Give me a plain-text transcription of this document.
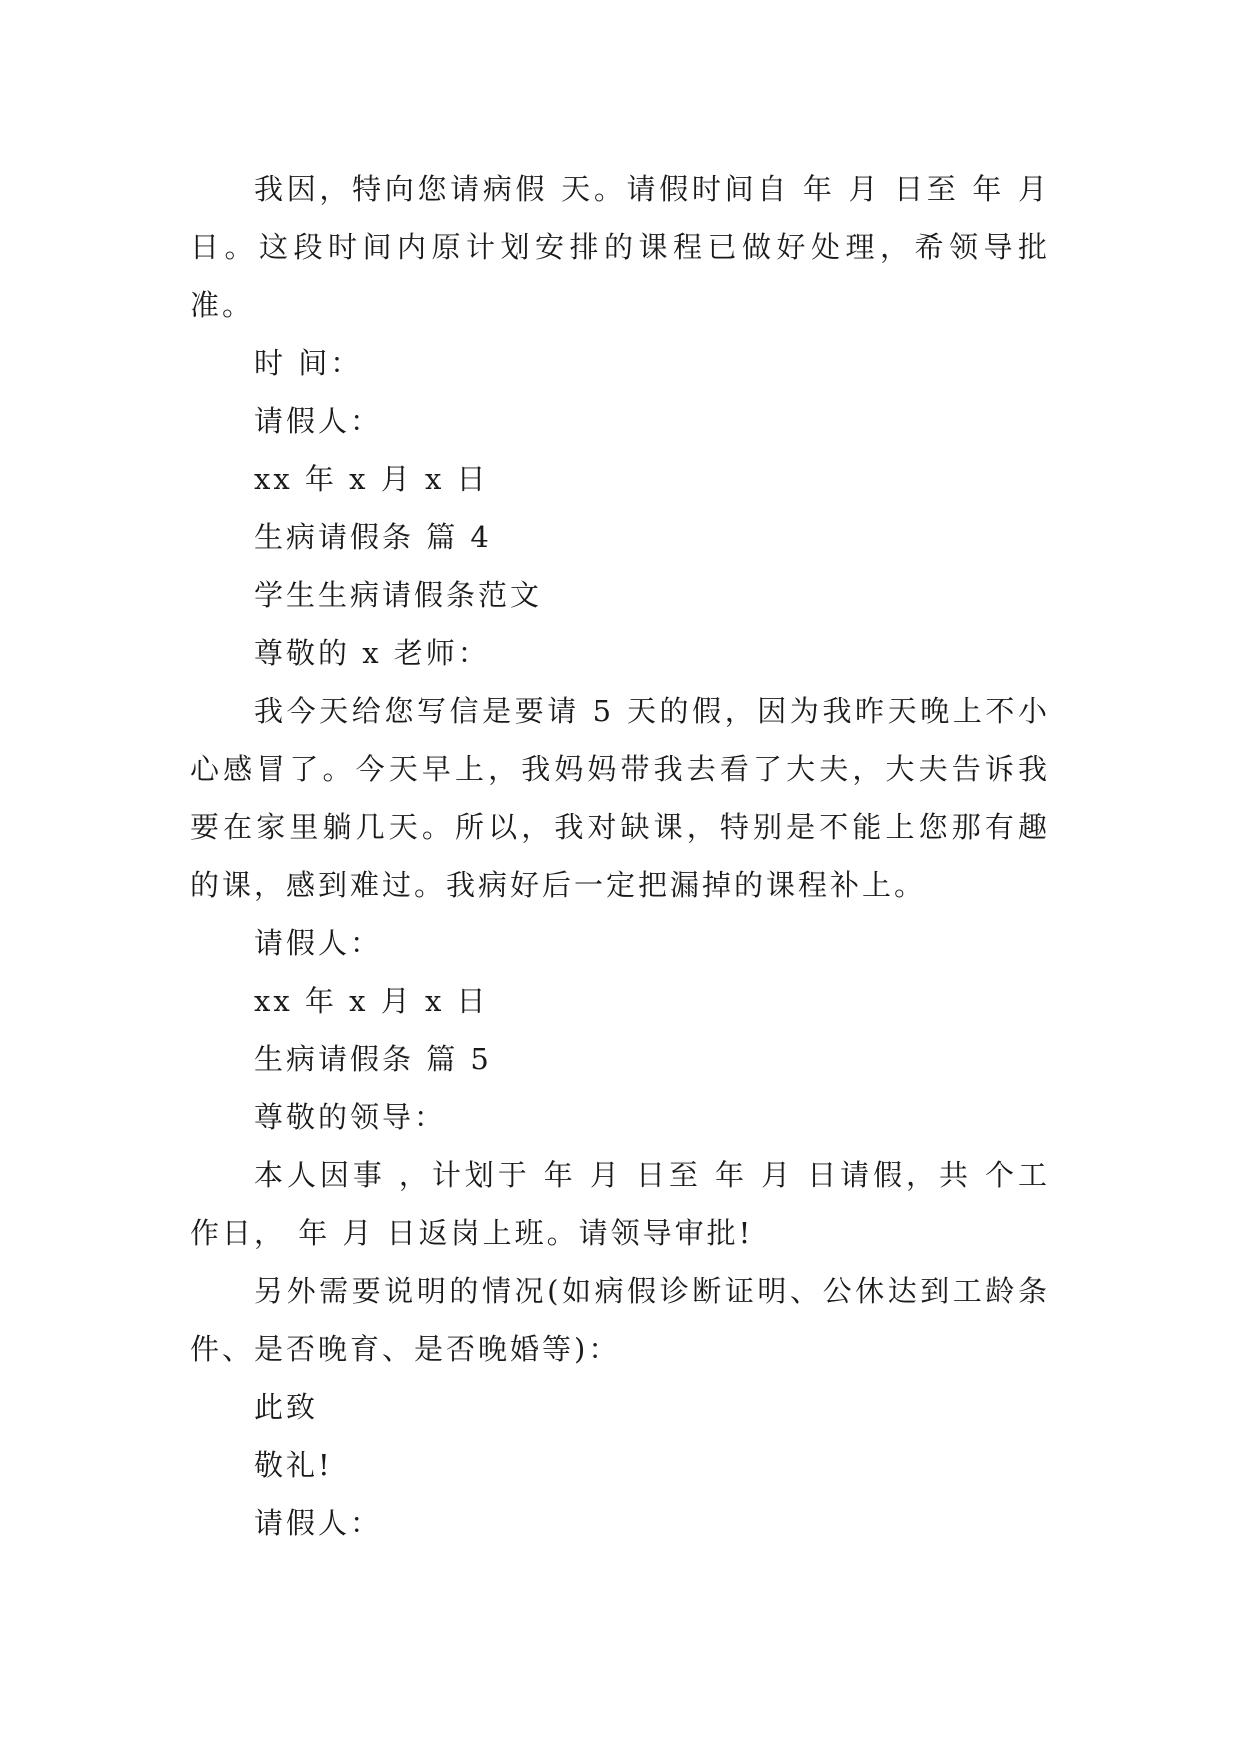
我因，特向您请病假 天。请假时间自 年 月 日至 年 月 日。这段时间内原计划安排的课程已做好处理，希领导批准。

时 间：

请假人：

xx 年 x 月 x 日

生病请假条 篇 4

学生生病请假条范文

尊敬的 x 老师：

我今天给您写信是要请 5 天的假，因为我昨天晚上不小心感冒了。今天早上，我妈妈带我去看了大夫，大夫告诉我要在家里躺几天。所以，我对缺课，特别是不能上您那有趣的课，感到难过。我病好后一定把漏掉的课程补上。

请假人：

xx 年 x 月 x 日

生病请假条 篇 5

尊敬的领导：

本人因事 ，计划于 年 月 日至 年 月 日请假，共 个工作日， 年 月 日返岗上班。请领导审批!

另外需要说明的情况(如病假诊断证明、公休达到工龄条件、是否晚育、是否晚婚等)：

此致

敬礼!

请假人：
